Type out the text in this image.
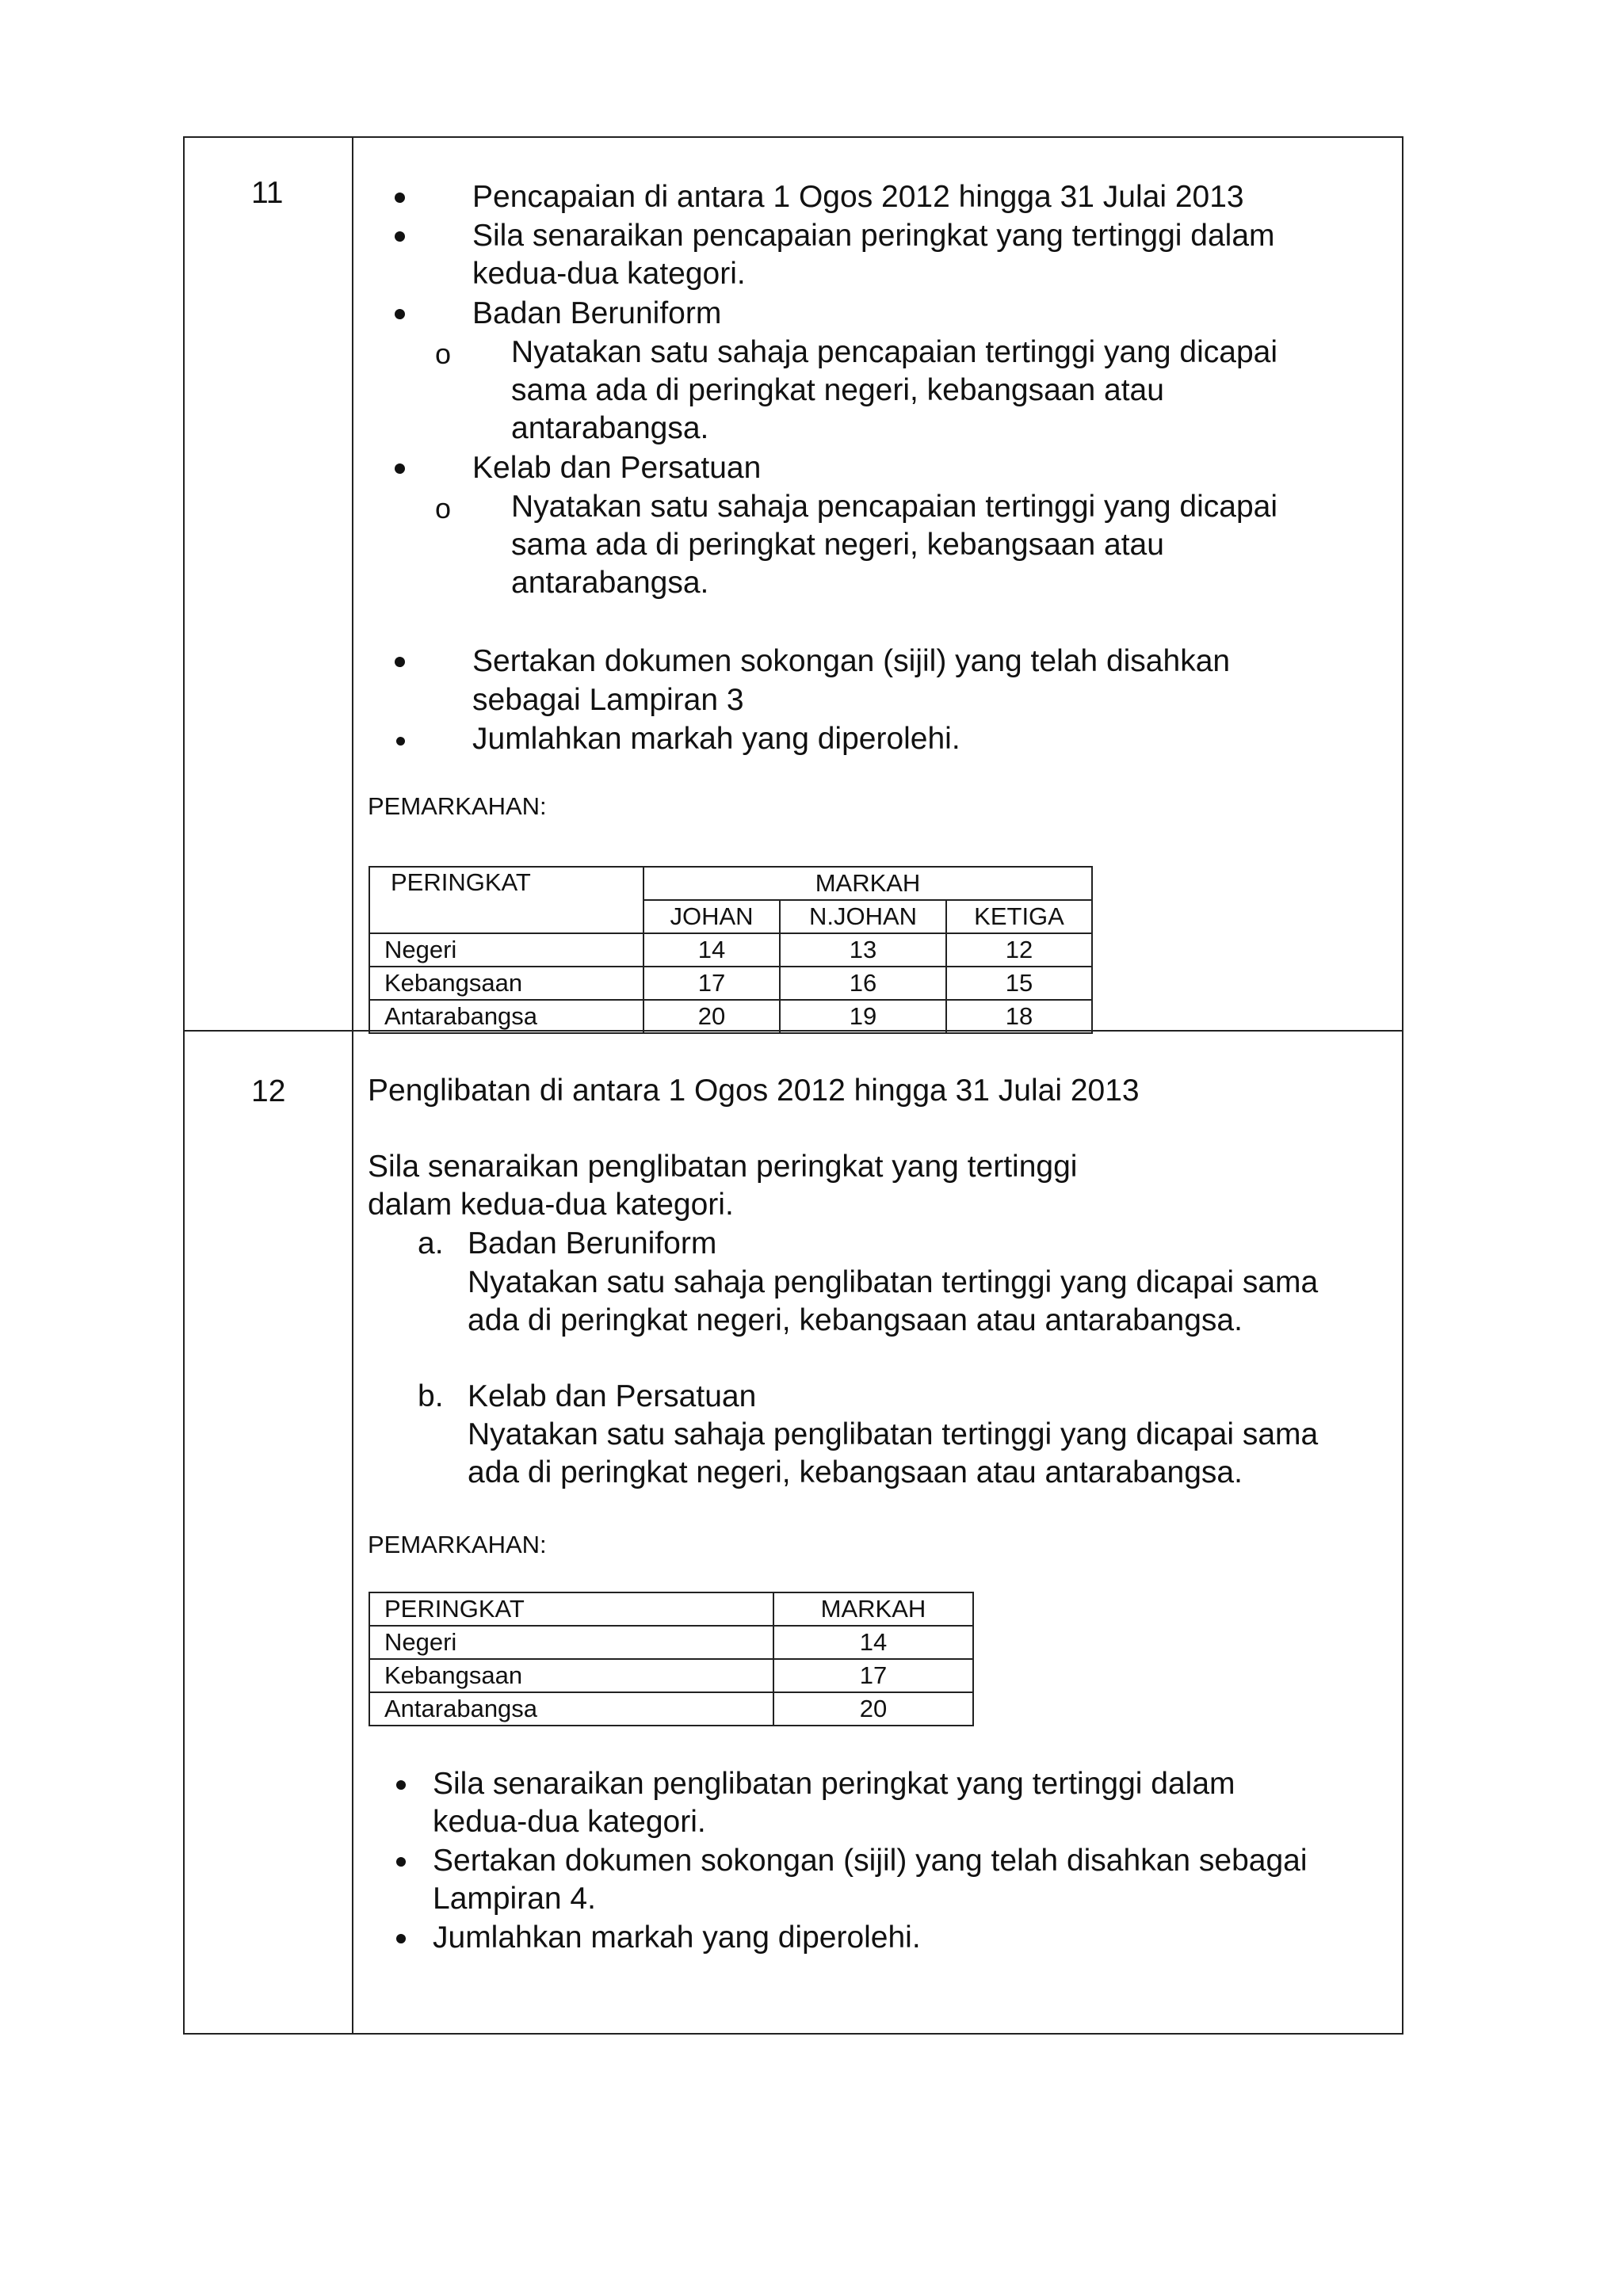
11	Pencapaian di antara 1 Ogos 2012 hingga 31 Julai 2013
Sila senaraikan pencapaian peringkat yang tertinggi dalam
kedua-dua kategori.
Badan Beruniform
o Nyatakan satu sahaja pencapaian tertinggi yang dicapai
sama ada di peringkat negeri, kebangsaan atau
antarabangsa.
Kelab dan Persatuan
o Nyatakan satu sahaja pencapaian tertinggi yang dicapai
sama ada di peringkat negeri, kebangsaan atau
antarabangsa.
Sertakan dokumen sokongan (sijil) yang telah disahkan
sebagai Lampiran 3
Jumlahkan markah yang diperolehi.
PEMARKAHAN:
PERINGKAT	MARKAH		
	JOHAN	N.JOHAN	KETIGA
Negeri	14	13	12
Kebangsaan	17	16	15
Antarabangsa	20	19	18
12	Penglibatan di antara 1 Ogos 2012 hingga 31 Julai 2013
Sila senaraikan penglibatan peringkat yang tertinggi
dalam kedua-dua kategori.
a. Badan Beruniform
Nyatakan satu sahaja penglibatan tertinggi yang dicapai sama
ada di peringkat negeri, kebangsaan atau antarabangsa.
b. Kelab dan Persatuan
Nyatakan satu sahaja penglibatan tertinggi yang dicapai sama
ada di peringkat negeri, kebangsaan atau antarabangsa.
PEMARKAHAN:
PERINGKAT	MARKAH
Negeri	14
Kebangsaan	17
Antarabangsa	20
Sila senaraikan penglibatan peringkat yang tertinggi dalam
kedua-dua kategori.
Sertakan dokumen sokongan (sijil) yang telah disahkan sebagai
Lampiran 4.
Jumlahkan markah yang diperolehi.
